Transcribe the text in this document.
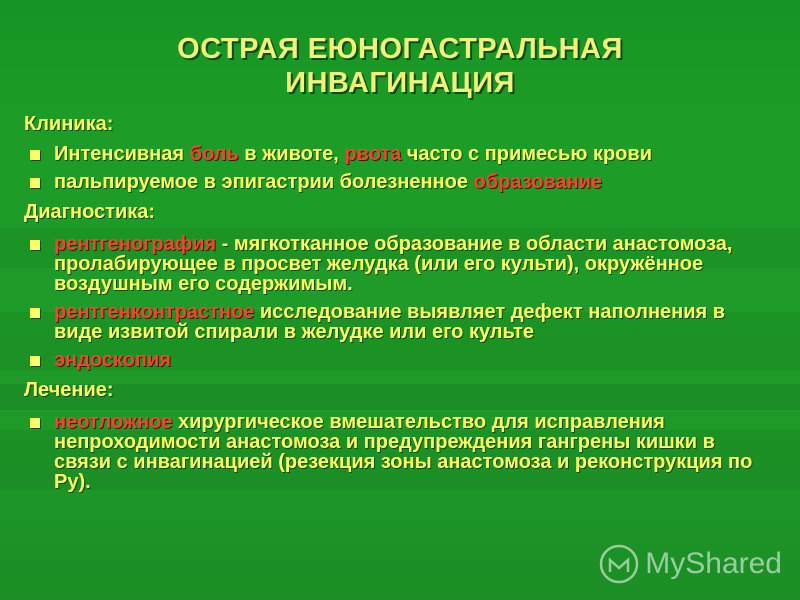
ОСТРАЯ ЕЮНОГАСТРАЛЬНАЯ ИНВАГИНАЦИЯ
Клиника:
Интенсивная боль в животе, рвота часто с примесью крови
пальпируемое в эпигастрии болезненное образование
Диагностика:
рентгенография - мягкотканное образование в области анастомоза, пролабирующее в просвет желудка (или его культи), окружённое воздушным его содержимым.
рентгенконтрастное исследование выявляет дефект наполнения в виде извитой спирали в желудке или его культе
эндоскопия
Лечение:
неотложное хирургическое вмешательство для исправления непроходимости анастомоза и предупреждения гангрены кишки в связи с инвагинацией (резекция зоны анастомоза и реконструкция по Ру).
MyShared
